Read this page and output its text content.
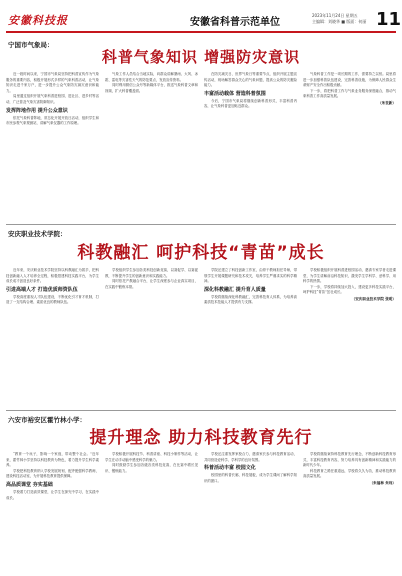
安徽科技报	安徽省科普示范单位
2023年11月24日 星期五
主编辑：刘晓华 ■ 版面：何丽 11
宁国市气象局：
科普气象知识 增强防灾意识

近一段时间以来，宁国市气象局坚持把科普宣传作为气象服务的重要内容，积极开展形式多样的气象科普活动，让气象知识走进千家万户，进一步提升公众气象防灾减灾意识和能力。

局里通过组织开展气象科普进校园、进社区、进乡村等活动，广泛普及气象灾害防御知识。

发挥阵地作用 提升公众意识

依托气象科普阵地，常态化开展开放日活动，组织学生和市民参观气象观测站，讲解气象仪器的工作原理。

气象工作人员结合当地实际，向群众讲解暴雨、大风、冰雹、雷电等灾害性天气的防范要点，发放宣传资料。

同时利用微信公众号等新媒体平台，推送气象科普文章和视频，扩大科普覆盖面。

在防灾减灾日、世界气象日等重要节点，组织开展主题宣传活动，现场解答群众关心的气象问题，提高公众的防灾避险能力。

丰富活动载体 营造科普氛围

今后，宁国市气象局将继续创新科普形式，丰富科普内容，让气象科普更加贴近群众。

气象科普工作是一项长期的工作，需要持之以恒。局里将进一步加强科普队伍建设，完善科普设施，为保障人民群众生命财产安全作出积极贡献。

下一步，将把科普工作与气象业务服务深度融合，推动气象科普工作高质量发展。

（朱世新）
安庆职业技术学院：
科教融汇 呵护科技“青苗”成长

近年来，安庆职业技术学院坚持以科教融汇为抓手，把科技创新融入人才培养全过程，积极搭建科技实践平台，为学生成长成才创造良好条件。

引进高端人才 打造优质师资队伍

学校高度重视人才队伍建设，不断优化引才育才机制，打造了一支结构合理、素质优良的教师队伍。

学校组织学生参加各类科技创新竞赛，以赛促学、以赛促教，不断提升学生的创新意识和实践能力。

同时依托产教融合平台，让学生深度参与企业真实项目，在实践中锻炼本领。

学院还建立了科技创新工作室，由骨干教师担任导师，带领学生开展课题研究和技术攻关，培养学生严谨求实的科学精神。

深化科教融汇 提升育人质量

学校将继续深化科教融汇，完善科技育人体系，为培养高素质技术技能人才提供有力支撑。

学校积极组织开展科普进校园活动，邀请专家学者走进课堂，为学生讲解前沿科技知识，激发学生学科学、爱科学、用科学的热情。

下一步，学校将持续加大投入，建设更多科技实践平台，呵护科技“青苗”茁壮成长。

（安庆职业技术学院 张明）
六安市裕安区霍竹林小学：
提升理念 助力科技教育先行

“教育一个孩子，影响一个家庭，带动整个社会。”近年来，霍竹林小学坚持以科技教育为特色，着力提升学生科学素养。

学校把科技教育纳入学校发展规划，配齐配强科学教师，建设科技活动室，为开展科技教育提供保障。

高品质课堂 夯实基础

学校着力打造高效课堂，让学生在探究中学习，在实践中成长。

学校积极开展科技节、科普讲座、科技小制作等活动，让学生在动手动脑中感受科学的魅力。

同时鼓励学生参加各级各类科技竞赛，在比赛中增长见识、锻炼能力。

学校还注重发挥家校合力，邀请家长参与科技教育活动，共同营造爱科学、学科学的良好氛围。

科普活动丰富 校园文化

校园里的科普长廊、科技展板，成为学生课间了解科学知识的窗口。

学校将继续秉持科技教育先行理念，不断创新科技教育形式，丰富科技教育内容，努力培养具有创新精神和实践能力的新时代少年。

科技教育之路任重道远，学校将久久为功，推动科技教育高质量发展。

（朱福林 朱玮）
